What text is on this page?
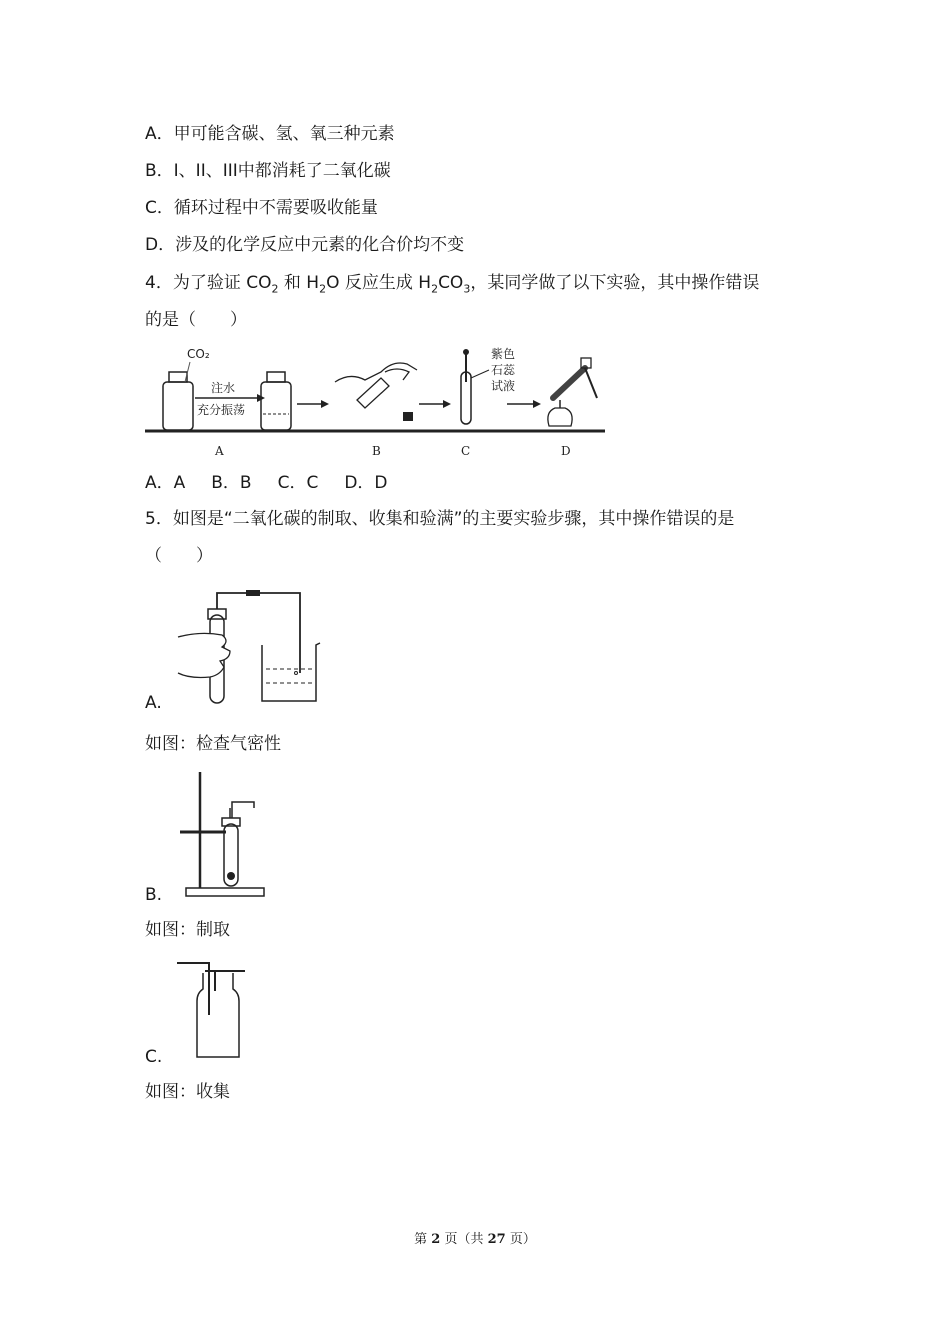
A．甲可能含碳、氢、氧三种元素
B．I、II、III中都消耗了二氧化碳
C．循环过程中不需要吸收能量
D．涉及的化学反应中元素的化合价均不变
4．为了验证 $CO_2$ 和 $H_2O$ 反应生成 $H_2CO_3$，某同学做了以下实验，其中操作错误
的是（　　）
CO₂
注水
充分振荡
紫色
石蕊
试液
A	B	C	D
A．A B．B C．C D．D
5．如图是“二氧化碳的制取、收集和验满”的主要实验步骤，其中操作错误的是
（　　）
A.
如图：检查气密性
B.
如图：制取
C.
如图：收集
第 2 页（共 27 页）
